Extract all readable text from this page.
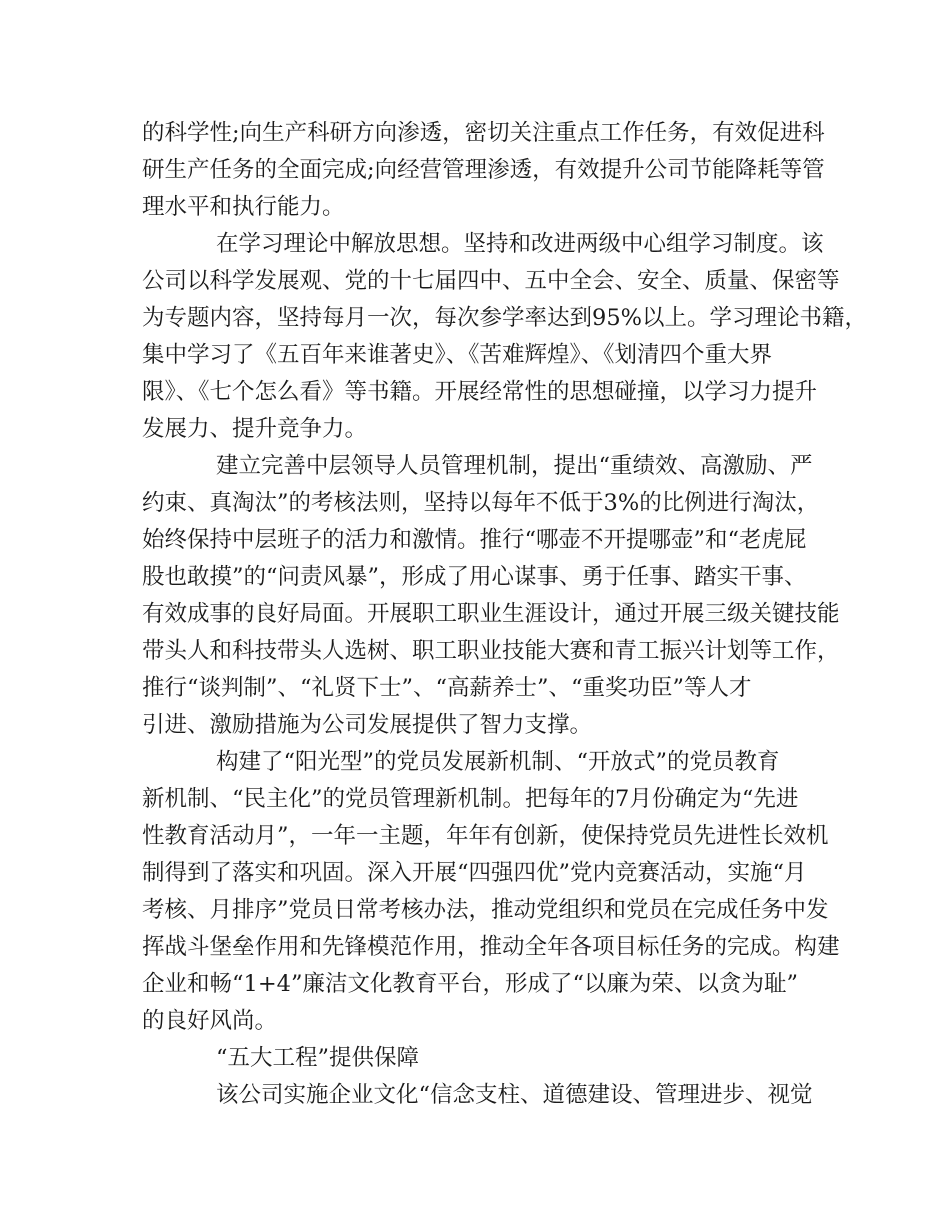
的科学性;向生产科研方向渗透，密切关注重点工作任务，有效促进科
研生产任务的全面完成;向经营管理渗透，有效提升公司节能降耗等管
理水平和执行能力。
在学习理论中解放思想。坚持和改进两级中心组学习制度。该
公司以科学发展观、党的十七届四中、五中全会、安全、质量、保密等
为专题内容，坚持每月一次，每次参学率达到95%以上。学习理论书籍，
集中学习了《五百年来谁著史》、《苦难辉煌》、《划清四个重大界
限》、《七个怎么看》等书籍。开展经常性的思想碰撞，以学习力提升
发展力、提升竞争力。
建立完善中层领导人员管理机制，提出“重绩效、高激励、严
约束、真淘汰”的考核法则，坚持以每年不低于3%的比例进行淘汰，
始终保持中层班子的活力和激情。推行“哪壶不开提哪壶”和“老虎屁
股也敢摸”的“问责风暴”，形成了用心谋事、勇于任事、踏实干事、
有效成事的良好局面。开展职工职业生涯设计，通过开展三级关键技能
带头人和科技带头人选树、职工职业技能大赛和青工振兴计划等工作，
推行“谈判制”、“礼贤下士”、“高薪养士”、“重奖功臣”等人才
引进、激励措施为公司发展提供了智力支撑。
构建了“阳光型”的党员发展新机制、“开放式”的党员教育
新机制、“民主化”的党员管理新机制。把每年的7月份确定为“先进
性教育活动月”，一年一主题，年年有创新，使保持党员先进性长效机
制得到了落实和巩固。深入开展“四强四优”党内竞赛活动，实施“月
考核、月排序”党员日常考核办法，推动党组织和党员在完成任务中发
挥战斗堡垒作用和先锋模范作用，推动全年各项目标任务的完成。构建
企业和畅“1+4”廉洁文化教育平台，形成了“以廉为荣、以贪为耻”
的良好风尚。
“五大工程”提供保障
该公司实施企业文化“信念支柱、道德建设、管理进步、视觉
